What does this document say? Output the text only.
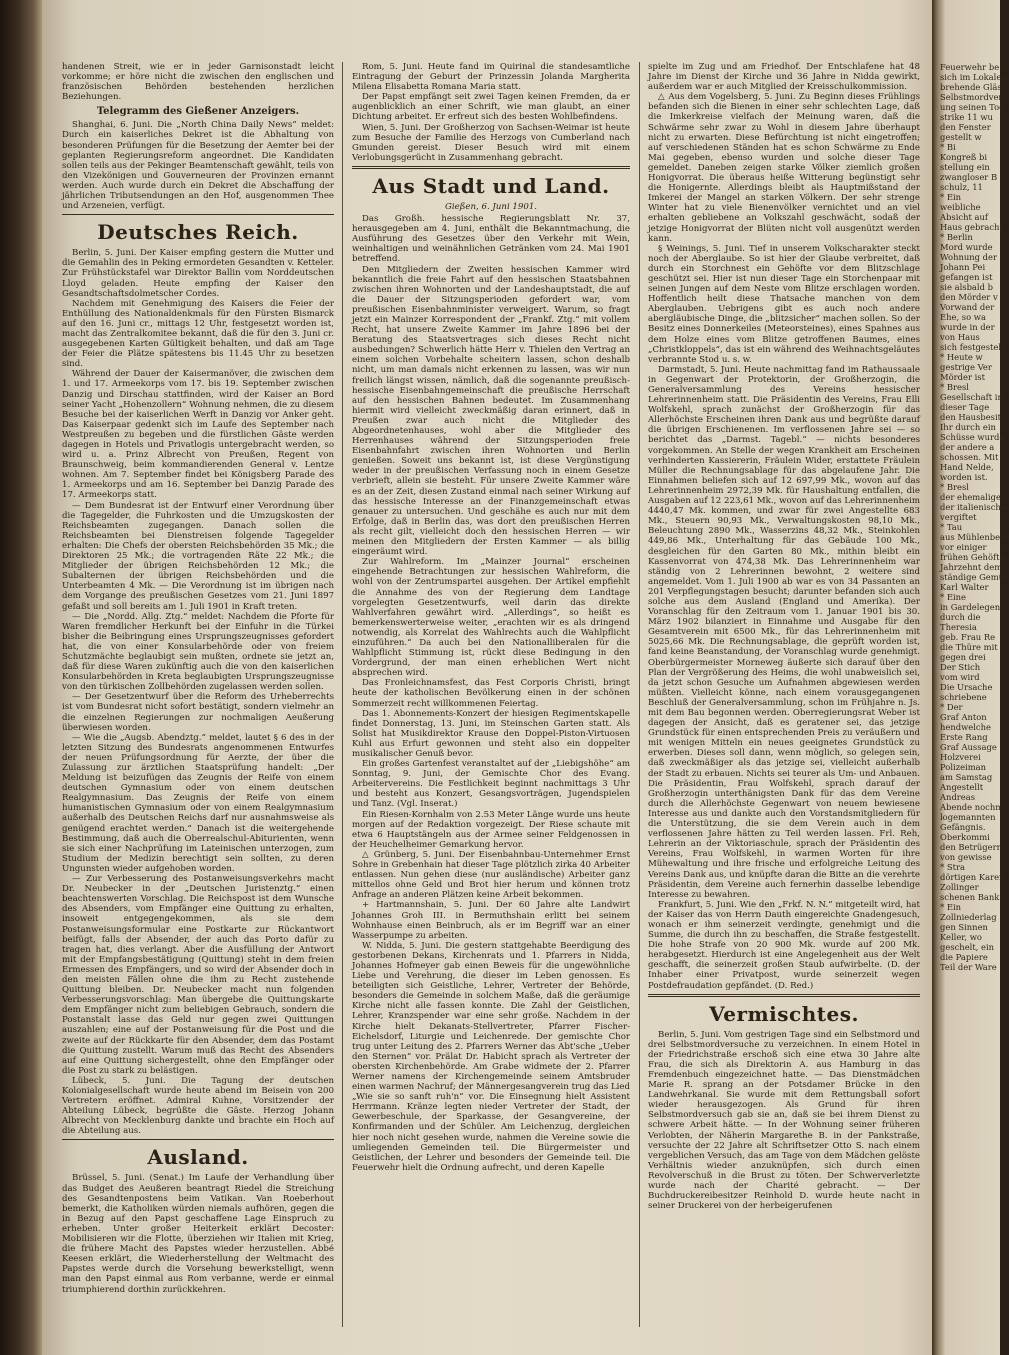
handenen Streit, wie er in jeder Garnisonstadt leicht vorkomme; er höre nicht die zwischen den englischen und französischen Behörden bestehenden herzlichen Beziehungen.

Telegramm des Gießener Anzeigers.

Shanghai, 6. Juni. Die „North China Daily News“ meldet: Durch ein kaiserliches Dekret ist die Abhaltung von besonderen Prüfungen für die Besetzung der Aemter bei der geplanten Regierungsreform angeordnet. Die Kandidaten sollen teils aus der Pekinger Beamtenschaft gewählt, teils von den Vizekönigen und Gouverneuren der Provinzen ernannt werden. Auch wurde durch ein Dekret die Abschaffung der jährlichen Tributsendungen an den Hof, ausgenommen Thee und Arzeneien, verfügt.

Deutsches Reich.

Berlin, 5. Juni. Der Kaiser empfing gestern die Mutter und die Gemahlin des in Peking ermordeten Gesandten v. Ketteler. Zur Frühstückstafel war Direktor Ballin vom Norddeutschen Lloyd geladen. Heute empfing der Kaiser den Gesandtschaftsdolmetscher Cordes.

Nachdem mit Genehmigung des Kaisers die Feier der Enthüllung des Nationaldenkmals für den Fürsten Bismarck auf den 16. Juni cr., mittags 12 Uhr, festgesetzt worden ist, macht das Zentralkomitee bekannt, daß die für den 3. Juni cr. ausgegebenen Karten Gültigkeit behalten, und daß am Tage der Feier die Plätze spätestens bis 11.45 Uhr zu besetzen sind.

Während der Dauer der Kaisermanöver, die zwischen dem 1. und 17. Armeekorps vom 17. bis 19. September zwischen Danzig und Dirschau stattfinden, wird der Kaiser an Bord seiner Yacht „Hohenzollern“ Wohnung nehmen, die zu diesem Besuche bei der kaiserlichen Werft in Danzig vor Anker geht. Das Kaiserpaar gedenkt sich im Laufe des September nach Westpreußen zu begeben und die fürstlichen Gäste werden dagegen in Hotels und Privatlogis untergebracht werden, so wird u. a. Prinz Albrecht von Preußen, Regent von Braunschweig, beim kommandierenden General v. Lentze wohnen. Am 7. September findet bei Königsberg Parade des 1. Armeekorps und am 16. September bei Danzig Parade des 17. Armeekorps statt.

— Dem Bundesrat ist der Entwurf einer Verordnung über die Tagegelder, die Fuhrkosten und die Umzugskosten der Reichsbeamten zugegangen. Danach sollen die Reichsbeamten bei Dienstreisen folgende Tagegelder erhalten: Die Chefs der obersten Reichsbehörden 35 Mk.; die Direktoren 25 Mk.; die vortragenden Räte 22 Mk.; die Mitglieder der übrigen Reichsbehörden 12 Mk.; die Subalternen der übrigen Reichsbehörden und die Unterbeamten 4 Mk. — Die Verordnung ist im übrigen nach dem Vorgange des preußischen Gesetzes vom 21. Juni 1897 gefaßt und soll bereits am 1. Juli 1901 in Kraft treten.

— Die „Nordd. Allg. Ztg.“ meldet: Nachdem die Pforte für Waren fremdlicher Herkunft bei der Einfuhr in die Türkei bisher die Beibringung eines Ursprungszeugnisses gefordert hat, die von einer Konsularbehörde oder von freiem Schutzmächte beglaubigt sein mußten, ordnete sie jetzt an, daß für diese Waren zukünftig auch die von den kaiserlichen Konsularbehörden in Kreta beglaubigten Ursprungszeugnisse von den türkischen Zollbehörden zugelassen werden sollen.

— Der Gesetzentwurf über die Reform des Urheberrechts ist vom Bundesrat nicht sofort bestätigt, sondern vielmehr an die einzelnen Regierungen zur nochmaligen Aeußerung überwiesen worden.

— Wie die „Augsb. Abendztg.“ meldet, lautet § 6 des in der letzten Sitzung des Bundesrats angenommenen Entwurfes der neuen Prüfungsordnung für Aerzte, der über die Zulassung zur ärztlichen Staatsprüfung handelt: „Der Meldung ist beizufügen das Zeugnis der Reife von einem deutschen Gymnasium oder von einem deutschen Realgymnasium. Das Zeugnis der Reife von einem humanistischen Gymnasium oder von einem Realgymnasium außerhalb des Deutschen Reichs darf nur ausnahmsweise als genügend erachtet werden.“ Danach ist die weitergehende Bestimmung, daß auch die Oberrealschul-Abiturienten, wenn sie sich einer Nachprüfung im Lateinischen unterzogen, zum Studium der Medizin berechtigt sein sollten, zu deren Ungunsten wieder aufgehoben worden.

— Zur Verbesserung des Postanweisungsverkehrs macht Dr. Neubecker in der „Deutschen Juristenztg.“ einen beachtenswerten Vorschlag. Die Reichspost ist dem Wunsche des Absenders, vom Empfänger eine Quittung zu erhalten, insoweit entgegengekommen, als sie dem Postanweisungsformular eine Postkarte zur Rückantwort beifügt, falls der Absender, der auch das Porto dafür zu tragen hat, dies verlangt. Aber die Ausfüllung der Antwort mit der Empfangsbestätigung (Quittung) steht in dem freien Ermessen des Empfängers, und so wird der Absender doch in den meisten Fällen ohne die ihm zu Recht zustehende Quittung bleiben. Dr. Neubecker macht nun folgenden Verbesserungsvorschlag: Man übergebe die Quittungskarte dem Empfänger nicht zum beliebigen Gebrauch, sondern die Postanstalt lasse das Geld nur gegen zwei Quittungen auszahlen; eine auf der Postanweisung für die Post und die zweite auf der Rückkarte für den Absender, dem das Postamt die Quittung zustellt. Warum muß das Recht des Absenders auf eine Quittung sichergestellt, ohne den Empfänger oder die Post zu stark zu belästigen.

Lübeck, 5. Juni. Die Tagung der deutschen Kolonialgesellschaft wurde heute abend im Beisein von 200 Vertretern eröffnet. Admiral Kuhne, Vorsitzender der Abteilung Lübeck, begrüßte die Gäste. Herzog Johann Albrecht von Mecklenburg dankte und brachte ein Hoch auf die Abteilung aus.

Ausland.

Brüssel, 5. Juni. (Senat.) Im Laufe der Verhandlung über das Budget des Aeußeren beantragt Riedel die Streichung des Gesandtenpostens beim Vatikan. Van Roeberhout bemerkt, die Katholiken würden niemals aufhören, gegen die in Bezug auf den Papst geschaffene Lage Einspruch zu erheben. Unter großer Heiterkeit erklärt Decoster: Mobilisieren wir die Flotte, überziehen wir Italien mit Krieg, die frühere Macht des Papstes wieder herzustellen. Abbé Keesen erklärt, die Wiederherstellung der Weltmacht des Papstes werde durch die Vorsehung bewerkstelligt, wenn man den Papst einmal aus Rom verbanne, werde er einmal triumphierend dorthin zurückkehren.

Rom, 5. Juni. Heute fand im Quirinal die standesamtliche Eintragung der Geburt der Prinzessin Jolanda Margherita Milena Elisabetta Romana Maria statt.

Der Papst empfängt seit zwei Tagen keinen Fremden, da er augenblicklich an einer Schrift, wie man glaubt, an einer Dichtung arbeitet. Er erfreut sich des besten Wohlbefindens.

Wien, 5. Juni. Der Großherzog von Sachsen-Weimar ist heute zum Besuche der Familie des Herzogs von Cumberland nach Gmunden gereist. Dieser Besuch wird mit einem Verlobungsgerücht in Zusammenhang gebracht.

Aus Stadt und Land.
Gießen, 6. Juni 1901.

Das Großh. hessische Regierungsblatt Nr. 37, herausgegeben am 4. Juni, enthält die Bekanntmachung, die Ausführung des Gesetzes über den Verkehr mit Wein, weinhaltigen und weinähnlichen Getränken vom 24. Mai 1901 betreffend.

Den Mitgliedern der Zweiten hessischen Kammer wird bekanntlich die freie Fahrt auf den hessischen Staatsbahnen zwischen ihren Wohnorten und der Landeshauptstadt, die auf die Dauer der Sitzungsperioden gefordert war, vom preußischen Eisenbahnminister verweigert. Warum, so fragt jetzt ein Mainzer Korrespondent der „Frankf. Ztg.“ mit vollem Recht, hat unsere Zweite Kammer im Jahre 1896 bei der Beratung des Staatsvertrages sich dieses Recht nicht ausbedungen? Schwerlich hätte Herr v. Thielen den Vertrag an einem solchen Vorbehalte scheitern lassen, schon deshalb nicht, um man damals nicht erkennen zu lassen, was wir nun freilich längst wissen, nämlich, daß die sogenannte preußisch-hessische Eisenbahngemeinschaft die preußische Herrschaft auf den hessischen Bahnen bedeutet. Im Zusammenhang hiermit wird vielleicht zweckmäßig daran erinnert, daß in Preußen zwar auch nicht die Mitglieder des Abgeordnetenhauses, wohl aber die Mitglieder des Herrenhauses während der Sitzungsperioden freie Eisenbahnfahrt zwischen ihren Wohnorten und Berlin genießen. Soweit uns bekannt ist, ist diese Vergünstigung weder in der preußischen Verfassung noch in einem Gesetze verbrieft, allein sie besteht. Für unsere Zweite Kammer wäre es an der Zeit, diesen Zustand einmal nach seiner Wirkung auf das hessische Interesse an der Finanzgemeinschaft etwas genauer zu untersuchen. Und geschähe es auch nur mit dem Erfolge, daß in Berlin das, was dort den preußischen Herren als recht gilt, vielleicht doch den hessischen Herren — wir meinen den Mitgliedern der Ersten Kammer — als billig eingeräumt wird.

Zur Wahlreform. Im „Mainzer Journal“ erscheinen eingehende Betrachtungen zur hessischen Wahlreform, die wohl von der Zentrumspartei ausgehen. Der Artikel empfiehlt die Annahme des von der Regierung dem Landtage vorgelegten Gesetzentwurfs, weil darin das direkte Wahlverfahren gewährt wird. „Allerdings“, so heißt es bemerkenswerterweise weiter, „erachten wir es als dringend notwendig, als Korrelat des Wahlrechts auch die Wahlpflicht einzuführen.“ Da auch bei den Nationalliberalen für die Wahlpflicht Stimmung ist, rückt diese Bedingung in den Vordergrund, der man einen erheblichen Wert nicht absprechen wird.

Das Fronleichnamsfest, das Fest Corporis Christi, bringt heute der katholischen Bevölkerung einen in der schönen Sommerzeit recht willkommenen Feiertag.

Das 1. Abonnements-Konzert der hiesigen Regimentskapelle findet Donnerstag, 13. Juni, im Steinschen Garten statt. Als Solist hat Musikdirektor Krause den Doppel-Piston-Virtuosen Kuhl aus Erfurt gewonnen und steht also ein doppelter musikalischer Genuß bevor.

Ein großes Gartenfest veranstaltet auf der „Liebigshöhe“ am Sonntag, 9. Juni, der Gemischte Chor des Evang. Arbeitervereins. Die Festlichkeit beginnt nachmittags 3 Uhr und besteht aus Konzert, Gesangsvorträgen, Jugendspielen und Tanz. (Vgl. Inserat.)

Ein Riesen-Kornhalm von 2.53 Meter Länge wurde uns heute morgen auf der Redaktion vorgezeigt. Der Riese schaute mit etwa 6 Hauptstängeln aus der Armee seiner Feldgenossen in der Heuchelheimer Gemarkung hervor.

△ Grünberg, 5. Juni. Der Eisenbahnbau-Unternehmer Ernst Sohre in Grebenhain hat dieser Tage plötzlich zirka 40 Arbeiter entlassen. Nun gehen diese (nur ausländische) Arbeiter ganz mittellos ohne Geld und Brot hier herum und können trotz Anfrage an anderen Plätzen keine Arbeit bekommen.

+ Hartmannshain, 5. Juni. Der 60 Jahre alte Landwirt Johannes Groh III. in Bermuthshain erlitt bei seinem Wohnhause einen Beinbruch, als er im Begriff war an einer Wasserpumpe zu arbeiten.

W. Nidda, 5. Juni. Die gestern stattgehabte Beerdigung des gestorbenen Dekans, Kirchenrats und 1. Pfarrers in Nidda, Johannes Hofmeyer gab einen Beweis für die ungewöhnliche Liebe und Verehrung, die dieser im Leben genossen. Es beteiligten sich Geistliche, Lehrer, Vertreter der Behörde, besonders die Gemeinde in solchem Maße, daß die geräumige Kirche nicht alle fassen konnte. Die Zahl der Geistlichen, Lehrer, Kranzspender war eine sehr große. Nachdem in der Kirche hielt Dekanats-Stellvertreter, Pfarrer Fischer-Eichelsdorf, Liturgie und Leichenrede. Der gemischte Chor trug unter Leitung des 2. Pfarrers Werner das Abt'sche „Ueber den Sternen“ vor. Prälat Dr. Habicht sprach als Vertreter der obersten Kirchenbehörde. Am Grabe widmete der 2. Pfarrer Werner namens der Kirchengemeinde seinem Amtsbruder einen warmen Nachruf; der Männergesangverein trug das Lied „Wie sie so sanft ruh'n“ vor. Die Einsegnung hielt Assistent Herrmann. Kränze legten nieder Vertreter der Stadt, der Gewerbeschule, der Sparkasse, der Gesangvereine, der Konfirmanden und der Schüler. Am Leichenzug, dergleichen hier noch nicht gesehen wurde, nahmen die Vereine sowie die umliegenden Gemeinden teil. Die Bürgermeister und Geistlichen, der Lehrer und besonders der Gemeinde teil. Die Feuerwehr hielt die Ordnung aufrecht, und deren Kapelle

spielte im Zug und am Friedhof. Der Entschlafene hat 48 Jahre im Dienst der Kirche und 36 Jahre in Nidda gewirkt, außerdem war er auch Mitglied der Kreisschulkommission.

△ Aus dem Vogelsberg, 5. Juni. Zu Beginn dieses Frühlings befanden sich die Bienen in einer sehr schlechten Lage, daß die Imkerkreise vielfach der Meinung waren, daß die Schwärme sehr zwar zu Wohl in diesem Jahre überhaupt nicht zu erwarten. Diese Befürchtung ist nicht eingetroffen; auf verschiedenen Ständen hat es schon Schwärme zu Ende Mai gegeben, ebenso wurden und solche dieser Tage gemeldet. Daneben zeigen starke Völker ziemlich großen Honigvorrat. Die überaus heiße Witterung begünstigt sehr die Honigernte. Allerdings bleibt als Hauptmißstand der Imkerei der Mangel an starken Völkern. Der sehr strenge Winter hat zu viele Bienenvölker vernichtet und an viel erhalten gebliebene an Volkszahl geschwächt, sodaß der jetzige Honigvorrat der Blüten nicht voll ausgenützt werden kann.

§ Weinings, 5. Juni. Tief in unserem Volkscharakter steckt noch der Aberglaube. So ist hier der Glaube verbreitet, daß durch ein Storchnest ein Gehöfte vor dem Blitzschlage geschützt sei. Hier ist nun dieser Tage ein Storchenpaar mit seinen Jungen auf dem Neste vom Blitze erschlagen worden. Hoffentlich heilt diese Thatsache manchen von dem Aberglauben. Uebrigens gibt es auch noch andere abergläubische Dinge, die „blitzsicher“ machen sollen. So der Besitz eines Donnerkeiles (Meteorsteines), eines Spahnes aus dem Holze eines vom Blitze getroffenen Baumes, eines „Christkloppels“, das ist ein während des Weihnachtsgeläutes verbrannte Stod u. s. w.

Darmstadt, 5. Juni. Heute nachmittag fand im Rathaussaale in Gegenwart der Protektorin, der Großherzogin, die Generalversammlung des Vereins hessischer Lehrerinnenheim statt. Die Präsidentin des Vereins, Frau Elli Wolfskehl, sprach zunächst der Großherzogin für das Allerhöchste Erscheinen ihren Dank aus und begrüßte darauf die übrigen Erschienenen. Im verflossenen Jahre sei — so berichtet das „Darmst. Tagebl.“ — nichts besonderes vorgekommen. An Stelle der wegen Krankheit am Erscheinen verhinderten Kassiererin, Fräulein Wider, erstattete Fräulein Müller die Rechnungsablage für das abgelaufene Jahr. Die Einnahmen beliefen sich auf 12 697,99 Mk., wovon auf das Lehrerinnenheim 2972,39 Mk. für Haushaltung entfallen, die Ausgaben auf 12 223,61 Mk., wovon auf das Lehrerinnenheim 4440,47 Mk. kommen, und zwar für zwei Angestellte 683 Mk., Steuern 90,93 Mk., Verwaltungskosten 98,10 Mk., Beleuchtung 2890 Mk., Wasserzins 48,32 Mk., Steinkohlen 449,86 Mk., Unterhaltung für das Gebäude 100 Mk., desgleichen für den Garten 80 Mk., mithin bleibt ein Kassenvorrat von 474,38 Mk. Das Lehrerinnenheim war ständig von 2 Lehrerinnen bewohnt, 2 weitere sind angemeldet. Vom 1. Juli 1900 ab war es von 34 Passanten an 201 Verpflegungstagen besucht; darunter befanden sich auch solche aus dem Ausland (England und Amerika). Der Voranschlag für den Zeitraum vom 1. Januar 1901 bis 30. März 1902 bilanziert in Einnahme und Ausgabe für den Gesamtverein mit 6500 Mk., für das Lehrerinnenheim mit 5025,66 Mk. Die Rechnungsablage, die geprüft worden ist, fand keine Beanstandung, der Voranschlag wurde genehmigt. Oberbürgermeister Morneweg äußerte sich darauf über den Plan der Vergrößerung des Heims, die wohl unabweislich sei, da jetzt schon Gesuche um Aufnahmen abgewiesen werden müßten. Vielleicht könne, nach einem vorausgegangenen Beschluß der Generalversammlung, schon im Frühjahre n. Js. mit dem Bau begonnen werden. Oberregierungsrat Weber ist dagegen der Ansicht, daß es geratener sei, das jetzige Grundstück für einen entsprechenden Preis zu veräußern und mit wenigen Mitteln ein neues geeignetes Grundstück zu erwerben. Dieses soll dann, wenn möglich, so gelegen sein, daß zweckmäßiger als das jetzige sei, vielleicht außerhalb der Stadt zu erbauen. Nichts sei teurer als Um- und Anbauen. Die Präsidentin, Frau Wolfskehl, sprach darauf der Großherzogin unterthänigsten Dank für das dem Vereine durch die Allerhöchste Gegenwart von neuem bewiesene Interesse aus und dankte auch den Vorstandsmitgliedern für die Unterstützung, die sie dem Verein auch in dem verflossenen Jahre hätten zu Teil werden lassen. Frl. Reh, Lehrerin an der Viktoriaschule, sprach der Präsidentin des Vereins, Frau Wolfskehl, in warmen Worten für ihre Mühewaltung und ihre frische und erfolgreiche Leitung des Vereins Dank aus, und knüpfte daran die Bitte an die verehrte Präsidentin, dem Vereine auch fernerhin dasselbe lebendige Interesse zu bewahren.

Frankfurt, 5. Juni. Wie den „Frkf. N. N.“ mitgeteilt wird, hat der Kaiser das von Herrn Dauth eingereichte Gnadengesuch, wonach er ihm seinerzeit verdingte, genehmigt und die Summe, die durch ihn zu beschaffen, die Straße festgestellt. Die hohe Strafe von 20 900 Mk. wurde auf 200 Mk. herabgesetzt. Hierdurch ist eine Angelegenheit aus der Welt geschafft, die seinerzeit großen Staub aufwirbelte. (D. der Inhaber einer Privatpost, wurde seinerzeit wegen Postdefraudation gepfändet. (D. Red.)

Vermischtes.

Berlin, 5. Juni. Vom gestrigen Tage sind ein Selbstmord und drei Selbstmordversuche zu verzeichnen. In einem Hotel in der Friedrichstraße erschoß sich eine etwa 30 Jahre alte Frau, die sich als Direktorin A. aus Hamburg in das Fremdenbuch eingezeichnet hatte. — Das Dienstmädchen Marie R. sprang an der Potsdamer Brücke in den Landwehrkanal. Sie wurde mit dem Rettungsball sofort wieder herausgezogen. Als Grund für ihren Selbstmordversuch gab sie an, daß sie bei ihrem Dienst zu schwere Arbeit hätte. — In der Wohnung seiner früheren Verlobten, der Näherin Margarethe B. in der Pankstraße, versuchte der 22 Jahre alt Schriftsetzer Otto S. nach einem vergeblichen Versuch, das am Tage von dem Mädchen gelöste Verhältnis wieder anzuknüpfen, sich durch einen Revolverschuß in die Brust zu töten. Der Schwerverletzte wurde nach der Charité gebracht. — Der Buchdruckereibesitzer Reinhold D. wurde heute nacht in seiner Druckerei von der herbeigerufenen

Feuerwehr be
sich im Lokalen
brehende Gläs
Selbstmordvers
ung seinen Tod
strike 11 wu
den Fenster
gestellt w
* Bi
Kongreß bi
stellung ein
zwangloser B
schulz, 11
* Ein
weibliche
Absicht auf
Haus gebracht
* Berlin
Mord wurde
Wohnung der
Johann Pei
gefangen ist
sie alsbald b
den Mörder v
Vorwand der
Ehe, so wa
wurde in der
von Haus
sich festgestellt
* Heute w
gestrige Ver
Mörder ist
* Bresl
Gesellschaft in
dieser Tage
den Hausbesitz
Ihr durch ein
Schüsse wurde
der andere a
schossen. Mit
Hand Nelde,
worden ist.
* Bresl
der ehemalige
der italienische
vergiftet
* Tau
aus Mühlenberg
vor einiger
frühen Gehöfte
Jahrzehnt dem
ständige Gemüt
Karl Walter
* Eine
in Gardelegen
durch die
Theresia
geb. Frau Re
die Thüre mit
gegen drei
Der Stich
vom wird
Die Ursache
schriebene
* Der
Graf Anton
hendwelche
Erste Rang
Graf Aussage
Holzverei
Polizeiman
am Samstag
Angestellt
Andreas
Abende nochm
logemannten
Gefängnis.
Oberkommi
den Betrügern
von gewisse
* Stra
dörtigen Karer
Zollinger
schenen Bank
* Ein
Zollniederlag
gen Sinnen
Keller, wo
geschelt, ein
die Papiere
Teil der Ware
